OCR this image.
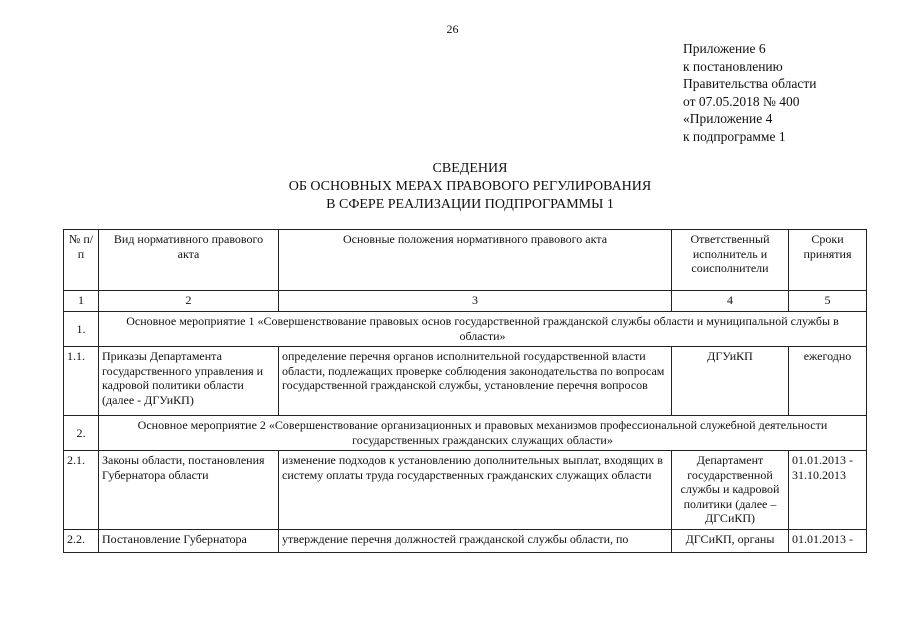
26
Приложение 6
к постановлению
Правительства области
от 07.05.2018 № 400
«Приложение 4
к подпрограмме 1
СВЕДЕНИЯ
ОБ ОСНОВНЫХ МЕРАХ ПРАВОВОГО РЕГУЛИРОВАНИЯ
В СФЕРЕ РЕАЛИЗАЦИИ ПОДПРОГРАММЫ 1
№ п/п	Вид нормативного правового акта	Основные положения нормативного правового акта	Ответственный исполнитель и соисполнители	Сроки принятия
1	2	3	4	5
1.	Основное мероприятие 1 «Совершенствование правовых основ государственной гражданской службы области и муниципальной службы в области»			
1.1.	Приказы Департамента государственного управления и кадровой политики области (далее - ДГУиКП)	определение перечня органов исполнительной государственной власти области, подлежащих проверке соблюдения законодательства по вопросам государственной гражданской службы, установление перечня вопросов	ДГУиКП	ежегодно
2.	Основное мероприятие 2 «Совершенствование организационных и правовых механизмов профессиональной служебной деятельности государственных гражданских служащих области»			
2.1.	Законы области, постановления Губернатора области	изменение подходов к установлению дополнительных выплат, входящих в систему оплаты труда государственных гражданских служащих области	Департамент государственной службы и кадровой политики (далее –ДГСиКП)	01.01.2013 - 31.10.2013
2.2.	Постановление Губернатора	утверждение перечня должностей гражданской службы области, по	ДГСиКП, органы	01.01.2013 -
